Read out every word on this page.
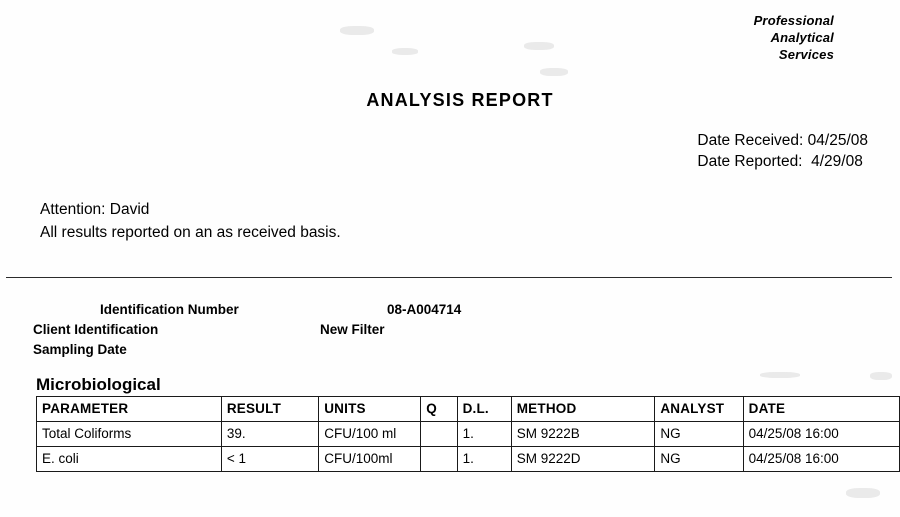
Professional
Analytical
Services
ANALYSIS REPORT
Date Received: 04/25/08
Date Reported:  4/29/08
Attention: David
All results reported on an as received basis.
Identification Number	08-A004714
Client Identification	New Filter
Sampling Date
Microbiological
PARAMETER	RESULT	UNITS	Q	D.L.	METHOD	ANALYST	DATE
Total Coliforms	39.	CFU/100 ml		1.	SM 9222B	NG	04/25/08 16:00
E. coli	< 1	CFU/100ml		1.	SM 9222D	NG	04/25/08 16:00
